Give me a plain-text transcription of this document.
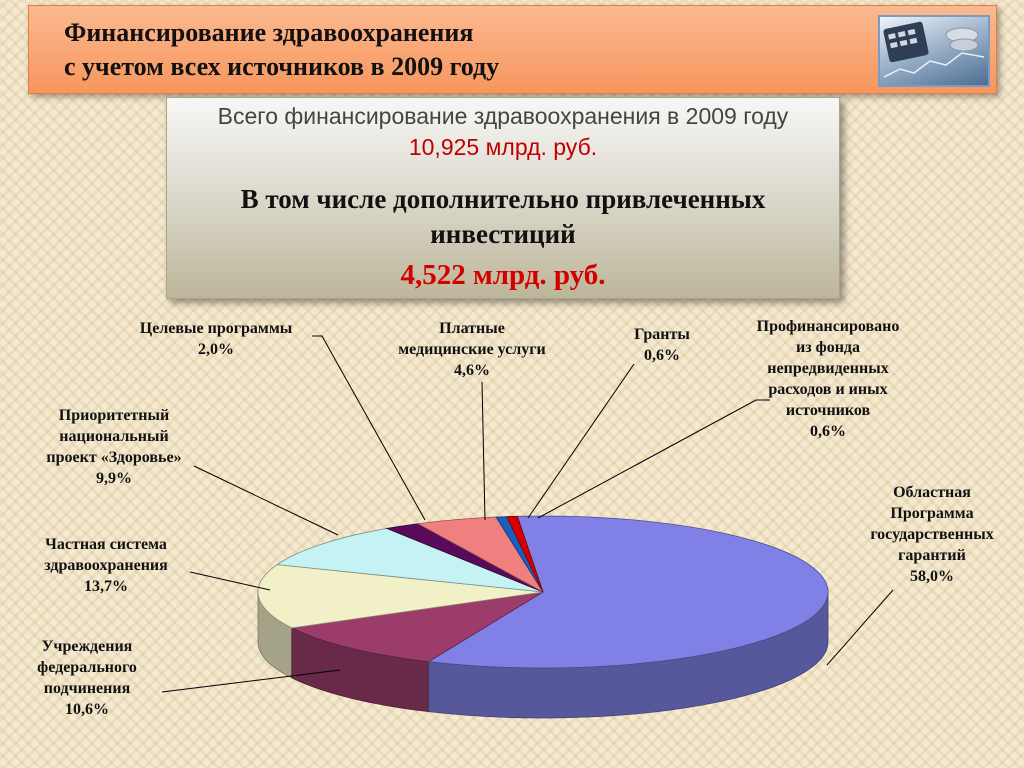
Финансирование здравоохранения
с учетом всех источников в 2009 году
Всего финансирование здравоохранения в 2009 году
10,925 млрд. руб.
В том числе дополнительно привлеченных инвестиций
4,522 млрд. руб.
Областная
Программа
государственных
гарантий
58,0%
Учреждения
федерального
подчинения
10,6%
Частная система
здравоохранения
13,7%
Приоритетный
национальный
проект «Здоровье»
9,9%
Целевые программы
2,0%
Платные
медицинские услуги
4,6%
Гранты
0,6%
Профинансировано
из фонда
непредвиденных
расходов и иных
источников
0,6%
